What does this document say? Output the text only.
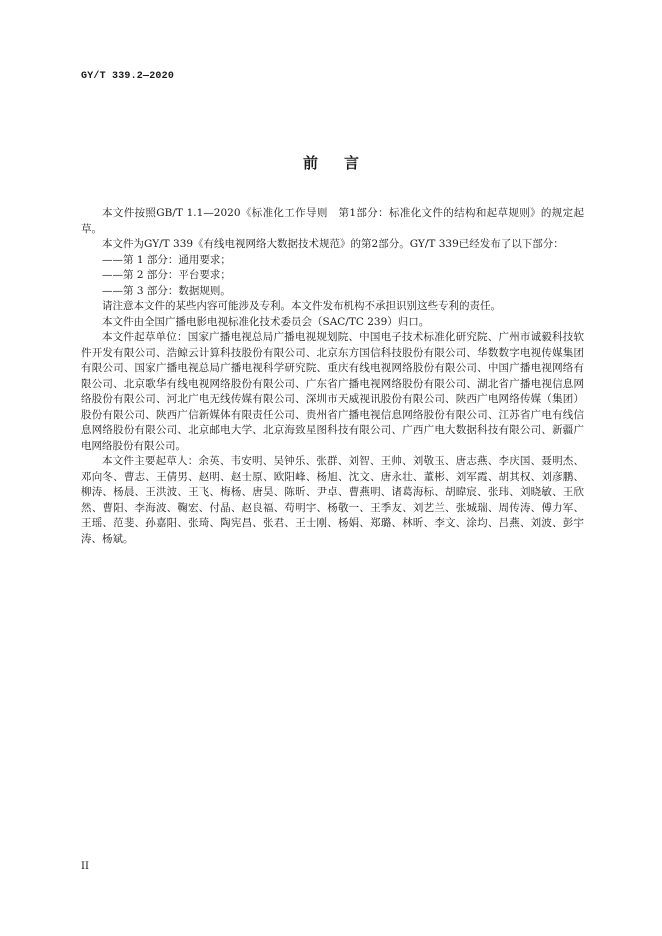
GY/T 339.2—2020
前言

本文件按照GB/T 1.1—2020《标准化工作导则　第1部分：标准化文件的结构和起草规则》的规定起草。

本文件为GY/T 339《有线电视网络大数据技术规范》的第2部分。GY/T 339已经发布了以下部分：

——第 1 部分：通用要求；

——第 2 部分：平台要求；

——第 3 部分：数据规则。

请注意本文件的某些内容可能涉及专利。本文件发布机构不承担识别这些专利的责任。

本文件由全国广播电影电视标准化技术委员会（SAC/TC 239）归口。

本文件起草单位：国家广播电视总局广播电视规划院、中国电子技术标准化研究院、广州市诚毅科技软件开发有限公司、浩鲸云计算科技股份有限公司、北京东方国信科技股份有限公司、华数数字电视传媒集团有限公司、国家广播电视总局广播电视科学研究院、重庆有线电视网络股份有限公司、中国广播电视网络有限公司、北京歌华有线电视网络股份有限公司、广东省广播电视网络股份有限公司、湖北省广播电视信息网络股份有限公司、河北广电无线传媒有限公司、深圳市天威视讯股份有限公司、陕西广电网络传媒（集团）股份有限公司、陕西广信新媒体有限责任公司、贵州省广播电视信息网络股份有限公司、江苏省广电有线信息网络股份有限公司、北京邮电大学、北京海致星图科技有限公司、广西广电大数据科技有限公司、新疆广电网络股份有限公司。

本文件主要起草人：余英、韦安明、吴钟乐、张群、刘智、王帅、刘敬玉、唐志燕、李庆国、聂明杰、邓向冬、曹志、王倩男、赵明、赵士原、欧阳峰、杨旭、沈文、唐永壮、董彬、刘军霞、胡其权、刘彦鹏、柳涛、杨晨、王洪波、王飞、梅杨、唐昊、陈昕、尹卓、曹燕明、诸葛海标、胡暐宸、张玮、刘晓敏、王欣然、曹阳、李海波、鞠宏、付晶、赵良福、苟明宇、杨敬一、王季友、刘艺兰、张城瑞、周传涛、傅力军、王瑶、范斐、孙嘉阳、张琦、陶宪昌、张君、王士刚、杨娟、郑璐、林昕、李文、涂均、吕燕、刘波、彭宇涛、杨斌。

II
